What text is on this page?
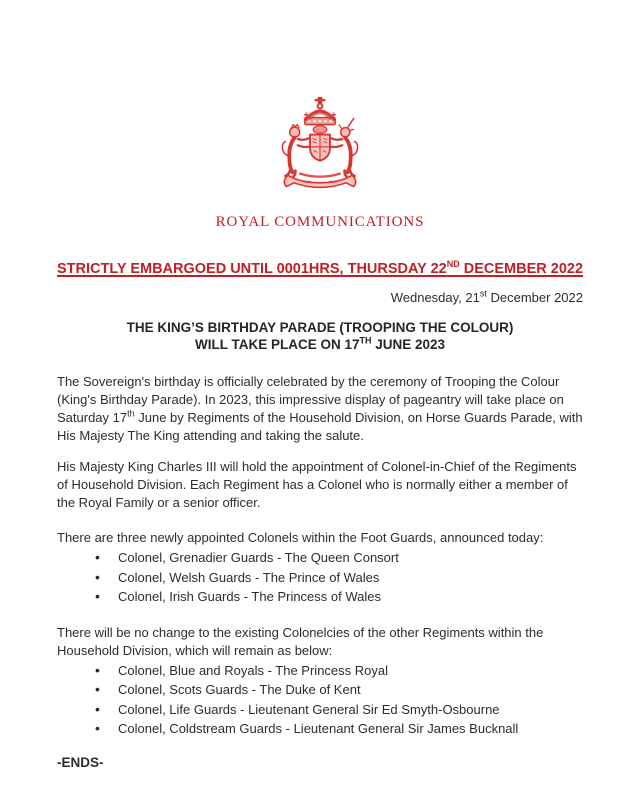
ROYAL COMMUNICATIONS
STRICTLY EMBARGOED UNTIL 0001HRS, THURSDAY 22ND DECEMBER 2022
Wednesday, 21st December 2022
THE KING’S BIRTHDAY PARADE (TROOPING THE COLOUR)
WILL TAKE PLACE ON 17TH JUNE 2023

The Sovereign's birthday is officially celebrated by the ceremony of Trooping the Colour (King's Birthday Parade). In 2023, this impressive display of pageantry will take place on Saturday 17th June by Regiments of the Household Division, on Horse Guards Parade, with His Majesty The King attending and taking the salute.

His Majesty King Charles III will hold the appointment of Colonel-in-Chief of the Regiments of Household Division. Each Regiment has a Colonel who is normally either a member of the Royal Family or a senior officer.

There are three newly appointed Colonels within the Foot Guards, announced today:

• Colonel, Grenadier Guards - The Queen Consort
• Colonel, Welsh Guards - The Prince of Wales
• Colonel, Irish Guards - The Princess of Wales

There will be no change to the existing Colonelcies of the other Regiments within the Household Division, which will remain as below:

• Colonel, Blue and Royals - The Princess Royal
• Colonel, Scots Guards - The Duke of Kent
• Colonel, Life Guards - Lieutenant General Sir Ed Smyth-Osbourne
• Colonel, Coldstream Guards - Lieutenant General Sir James Bucknall
-ENDS-
